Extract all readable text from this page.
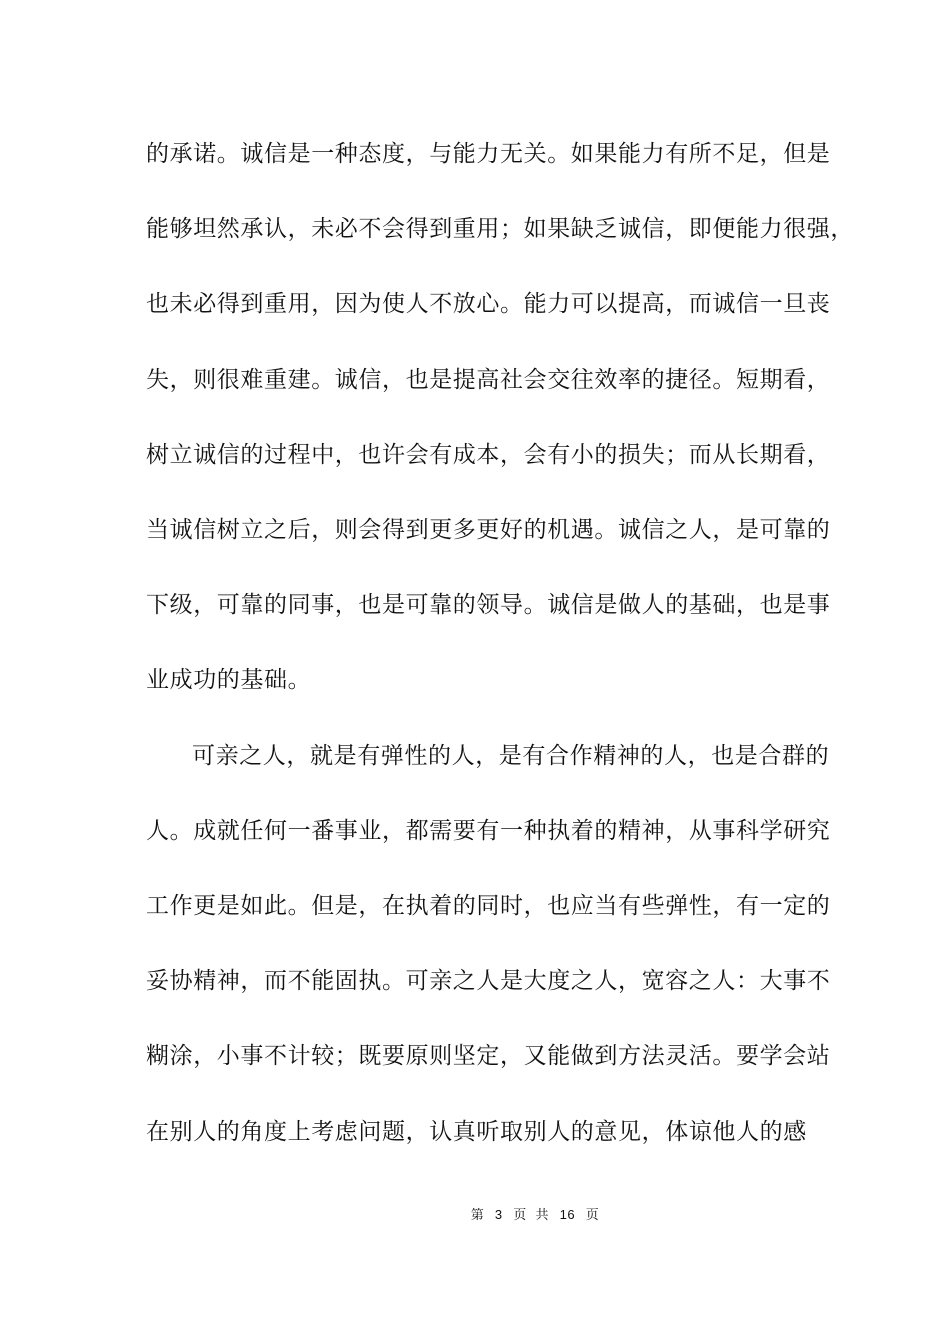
的承诺。诚信是一种态度，与能力无关。如果能力有所不足，但是
能够坦然承认，未必不会得到重用；如果缺乏诚信，即便能力很强，
也未必得到重用，因为使人不放心。能力可以提高，而诚信一旦丧
失，则很难重建。诚信，也是提高社会交往效率的捷径。短期看，
树立诚信的过程中，也许会有成本，会有小的损失；而从长期看，
当诚信树立之后，则会得到更多更好的机遇。诚信之人，是可靠的
下级，可靠的同事，也是可靠的领导。诚信是做人的基础，也是事
业成功的基础。
可亲之人，就是有弹性的人，是有合作精神的人，也是合群的
人。成就任何一番事业，都需要有一种执着的精神，从事科学研究
工作更是如此。但是，在执着的同时，也应当有些弹性，有一定的
妥协精神，而不能固执。可亲之人是大度之人，宽容之人：大事不
糊涂，小事不计较；既要原则坚定，又能做到方法灵活。要学会站
在别人的角度上考虑问题，认真听取别人的意见，体谅他人的感
第 3 页 共 16 页
